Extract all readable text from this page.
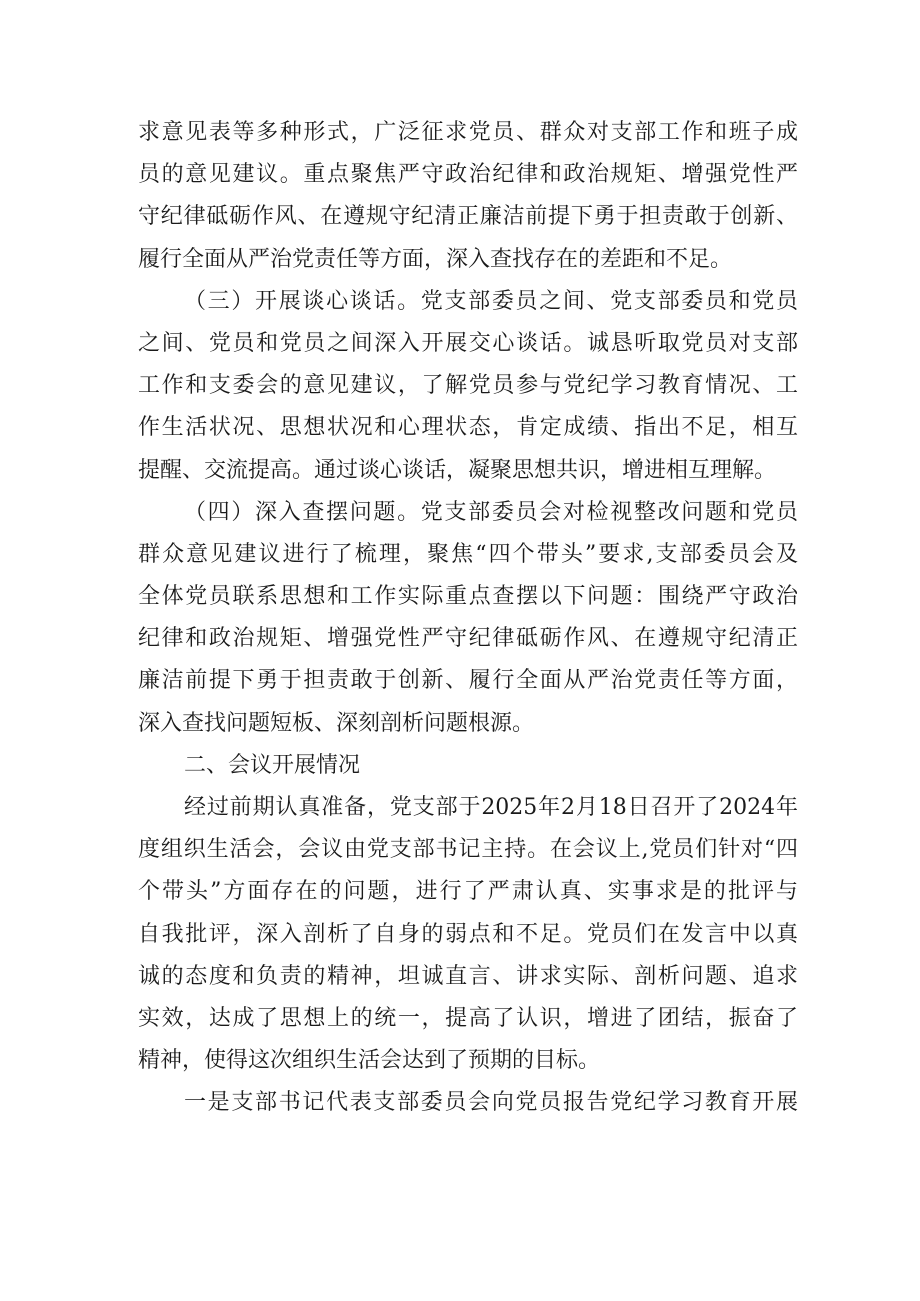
求意见表等多种形式，广泛征求党员、群众对支部工作和班子成
员的意见建议。重点聚焦严守政治纪律和政治规矩、增强党性严
守纪律砥砺作风、在遵规守纪清正廉洁前提下勇于担责敢于创新、
履行全面从严治党责任等方面，深入查找存在的差距和不足。
（三）开展谈心谈话。党支部委员之间、党支部委员和党员
之间、党员和党员之间深入开展交心谈话。诚恳听取党员对支部
工作和支委会的意见建议，了解党员参与党纪学习教育情况、工
作生活状况、思想状况和心理状态，肯定成绩、指出不足，相互
提醒、交流提高。通过谈心谈话，凝聚思想共识，增进相互理解。
（四）深入查摆问题。党支部委员会对检视整改问题和党员
群众意见建议进行了梳理，聚焦“四个带头”要求,支部委员会及
全体党员联系思想和工作实际重点查摆以下问题：围绕严守政治
纪律和政治规矩、增强党性严守纪律砥砺作风、在遵规守纪清正
廉洁前提下勇于担责敢于创新、履行全面从严治党责任等方面，
深入查找问题短板、深刻剖析问题根源。
二、会议开展情况
经过前期认真准备，党支部于2025年2月18日召开了2024年
度组织生活会，会议由党支部书记主持。在会议上,党员们针对“四
个带头”方面存在的问题，进行了严肃认真、实事求是的批评与
自我批评，深入剖析了自身的弱点和不足。党员们在发言中以真
诚的态度和负责的精神，坦诚直言、讲求实际、剖析问题、追求
实效，达成了思想上的统一，提高了认识，增进了团结，振奋了
精神，使得这次组织生活会达到了预期的目标。
一是支部书记代表支部委员会向党员报告党纪学习教育开展
